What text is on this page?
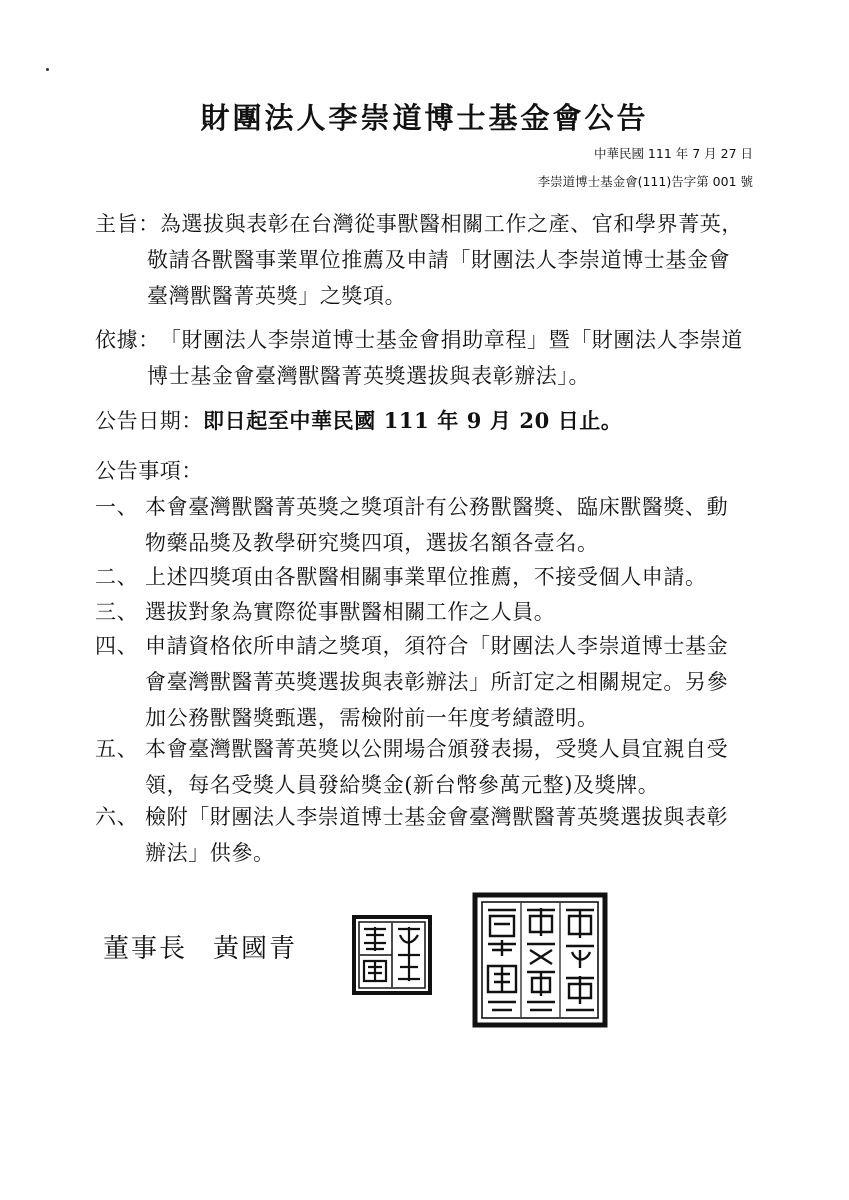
財團法人李崇道博士基金會公告
中華民國 111 年 7 月 27 日
李崇道博士基金會(111)告字第 001 號
主旨： 為選拔與表彰在台灣從事獸醫相關工作之產、官和學界菁英，
敬請各獸醫事業單位推薦及申請「財團法人李崇道博士基金會
臺灣獸醫菁英獎」之獎項。
依據： 「財團法人李崇道博士基金會捐助章程」暨「財團法人李崇道
博士基金會臺灣獸醫菁英獎選拔與表彰辦法」。
公告日期： 即日起至中華民國 111 年 9 月 20 日止。
公告事項：
一、 本會臺灣獸醫菁英獎之獎項計有公務獸醫獎、臨床獸醫獎、動
物藥品獎及教學研究獎四項，選拔名額各壹名。
二、 上述四獎項由各獸醫相關事業單位推薦，不接受個人申請。
三、 選拔對象為實際從事獸醫相關工作之人員。
四、 申請資格依所申請之獎項，須符合「財團法人李崇道博士基金
會臺灣獸醫菁英獎選拔與表彰辦法」所訂定之相關規定。另參
加公務獸醫獎甄選，需檢附前一年度考績證明。
五、 本會臺灣獸醫菁英獎以公開場合頒發表揚，受獎人員宜親自受
領，每名受獎人員發給獎金(新台幣參萬元整)及獎牌。
六、 檢附「財團法人李崇道博士基金會臺灣獸醫菁英獎選拔與表彰
辦法」供參。
董事長 黃國青
